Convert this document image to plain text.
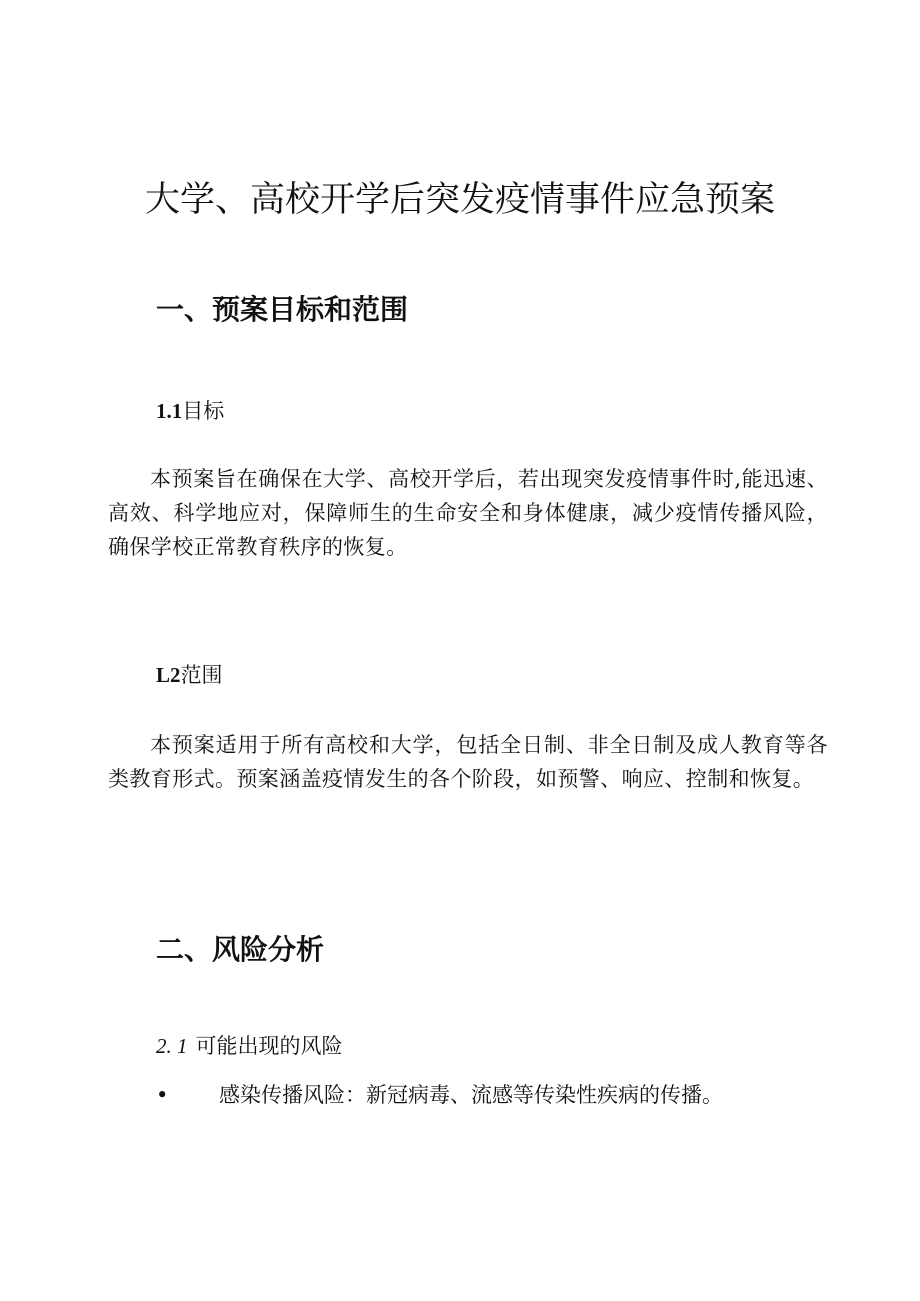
大学、高校开学后突发疫情事件应急预案
一、预案目标和范围
1.1目标

本预案旨在确保在大学、高校开学后，若出现突发疫情事件时,能迅速、高效、科学地应对，保障师生的生命安全和身体健康，减少疫情传播风险，确保学校正常教育秩序的恢复。

L2范围

本预案适用于所有高校和大学，包括全日制、非全日制及成人教育等各类教育形式。预案涵盖疫情发生的各个阶段，如预警、响应、控制和恢复。

二、风险分析
2. 1 可能出现的风险
• 感染传播风险：新冠病毒、流感等传染性疾病的传播。
